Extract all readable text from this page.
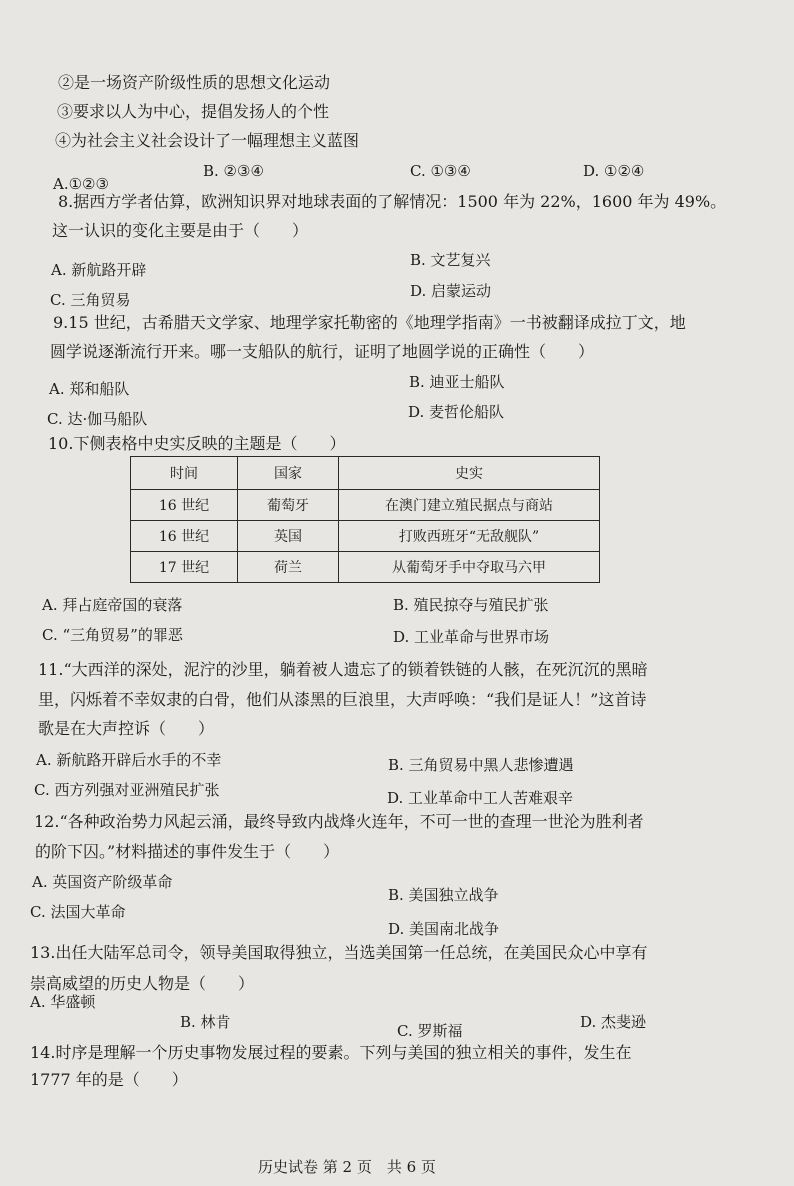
②是一场资产阶级性质的思想文化运动
③要求以人为中心，提倡发扬人的个性
④为社会主义社会设计了一幅理想主义蓝图
A.①②③
B. ②③④	C. ①③④	D. ①②④
8.据西方学者估算，欧洲知识界对地球表面的了解情况：1500 年为 22%，1600 年为 49%。
这一认识的变化主要是由于（　　）
A. 新航路开辟
B. 文艺复兴
C. 三角贸易	D. 启蒙运动
9.15 世纪，古希腊天文学家、地理学家托勒密的《地理学指南》一书被翻译成拉丁文，地
圆学说逐渐流行开来。哪一支船队的航行，证明了地圆学说的正确性（　　）
A. 郑和船队	B. 迪亚士船队
C. 达·伽马船队	D. 麦哲伦船队
10.下侧表格中史实反映的主题是（　　）
时间	国家	史实
16 世纪	葡萄牙	在澳门建立殖民据点与商站
16 世纪	英国	打败西班牙“无敌舰队”
17 世纪	荷兰	从葡萄牙手中夺取马六甲
A. 拜占庭帝国的衰落	B. 殖民掠夺与殖民扩张
C. “三角贸易”的罪恶	D. 工业革命与世界市场
11.“大西洋的深处，泥泞的沙里，躺着被人遗忘了的锁着铁链的人骸，在死沉沉的黑暗
里，闪烁着不幸奴隶的白骨，他们从漆黑的巨浪里，大声呼唤：“我们是证人！”这首诗
歌是在大声控诉（　　）
A. 新航路开辟后水手的不幸	B. 三角贸易中黑人悲惨遭遇
C. 西方列强对亚洲殖民扩张	D. 工业革命中工人苦难艰辛
12.“各种政治势力风起云涌，最终导致内战烽火连年，不可一世的查理一世沦为胜利者
的阶下囚。”材料描述的事件发生于（　　）
A. 英国资产阶级革命
B. 美国独立战争
C. 法国大革命
D. 美国南北战争
13.出任大陆军总司令，领导美国取得独立，当选美国第一任总统，在美国民众心中享有
崇高威望的历史人物是（　　）
A. 华盛顿
B. 林肯	C. 罗斯福	D. 杰斐逊
14.时序是理解一个历史事物发展过程的要素。下列与美国的独立相关的事件，发生在
1777 年的是（　　）
历史试卷 第 2 页　共 6 页
